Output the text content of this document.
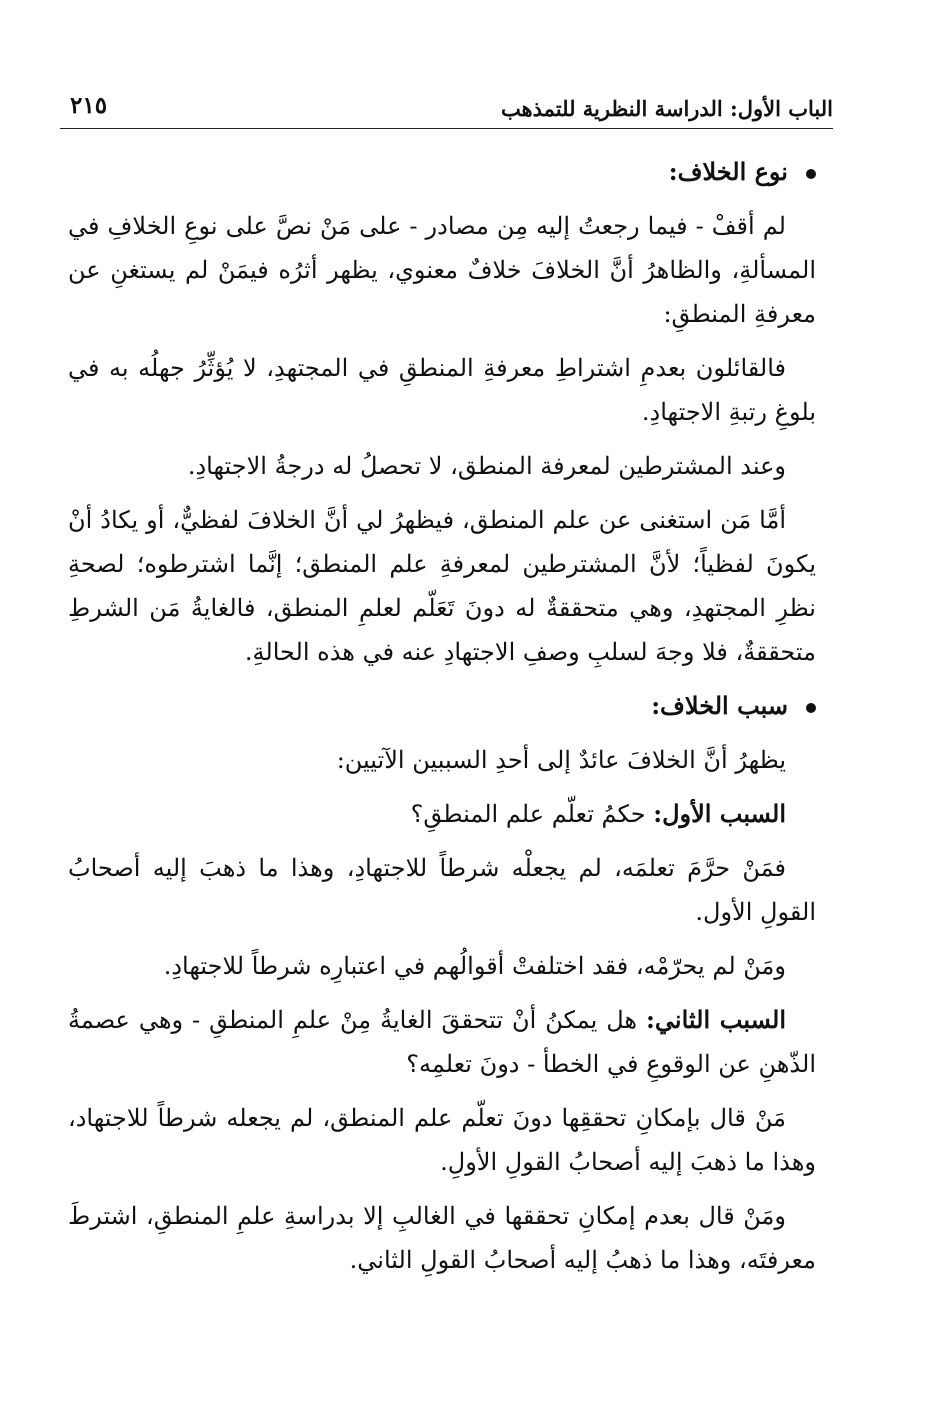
الباب الأول: الدراسة النظرية للتمذهب
٢١٥
نوع الخلاف:

لم أقفْ - فيما رجعتُ إليه مِن مصادر - على مَنْ نصَّ على نوعِ الخلافِ في المسألةِ، والظاهرُ أنَّ الخلافَ خلافٌ معنوي، يظهر أثرُه فيمَنْ لم يستغنِ عن معرفةِ المنطقِ:

فالقائلون بعدمِ اشتراطِ معرفةِ المنطقِ في المجتهدِ، لا يُؤثِّرُ جهلُه به في بلوغِ رتبةِ الاجتهادِ.

وعند المشترطين لمعرفة المنطق، لا تحصلُ له درجةُ الاجتهادِ.

أمَّا مَن استغنى عن علم المنطق، فيظهرُ لي أنَّ الخلافَ لفظيٌّ، أو يكادُ أنْ يكونَ لفظياً؛ لأنَّ المشترطين لمعرفةِ علم المنطق؛ إنَّما اشترطوه؛ لصحةِ نظرِ المجتهدِ، وهي متحققةٌ له دونَ تَعَلّم لعلمِ المنطق، فالغايةُ مَن الشرطِ متحققةٌ، فلا وجهَ لسلبِ وصفِ الاجتهادِ عنه في هذه الحالةِ.

سبب الخلاف:

يظهرُ أنَّ الخلافَ عائدٌ إلى أحدِ السببين الآتيين:

السبب الأول: حكمُ تعلّم علم المنطقِ؟

فمَنْ حرَّمَ تعلمَه، لم يجعلْه شرطاً للاجتهادِ، وهذا ما ذهبَ إليه أصحابُ القولِ الأول.

ومَنْ لم يحرّمْه، فقد اختلفتْ أقوالُهم في اعتبارِه شرطاً للاجتهادِ.

السبب الثاني: هل يمكنُ أنْ تتحققَ الغايةُ مِنْ علمِ المنطقِ - وهي عصمةُ الذّهنِ عن الوقوعِ في الخطأ - دونَ تعلمِه؟

مَنْ قال بإمكانِ تحققِها دونَ تعلّم علم المنطق، لم يجعله شرطاً للاجتهاد، وهذا ما ذهبَ إليه أصحابُ القولِ الأولِ.

ومَنْ قال بعدم إمكانِ تحققها في الغالبِ إلا بدراسةِ علمِ المنطقِ، اشترطَ معرفتَه، وهذا ما ذهبُ إليه أصحابُ القولِ الثاني.
